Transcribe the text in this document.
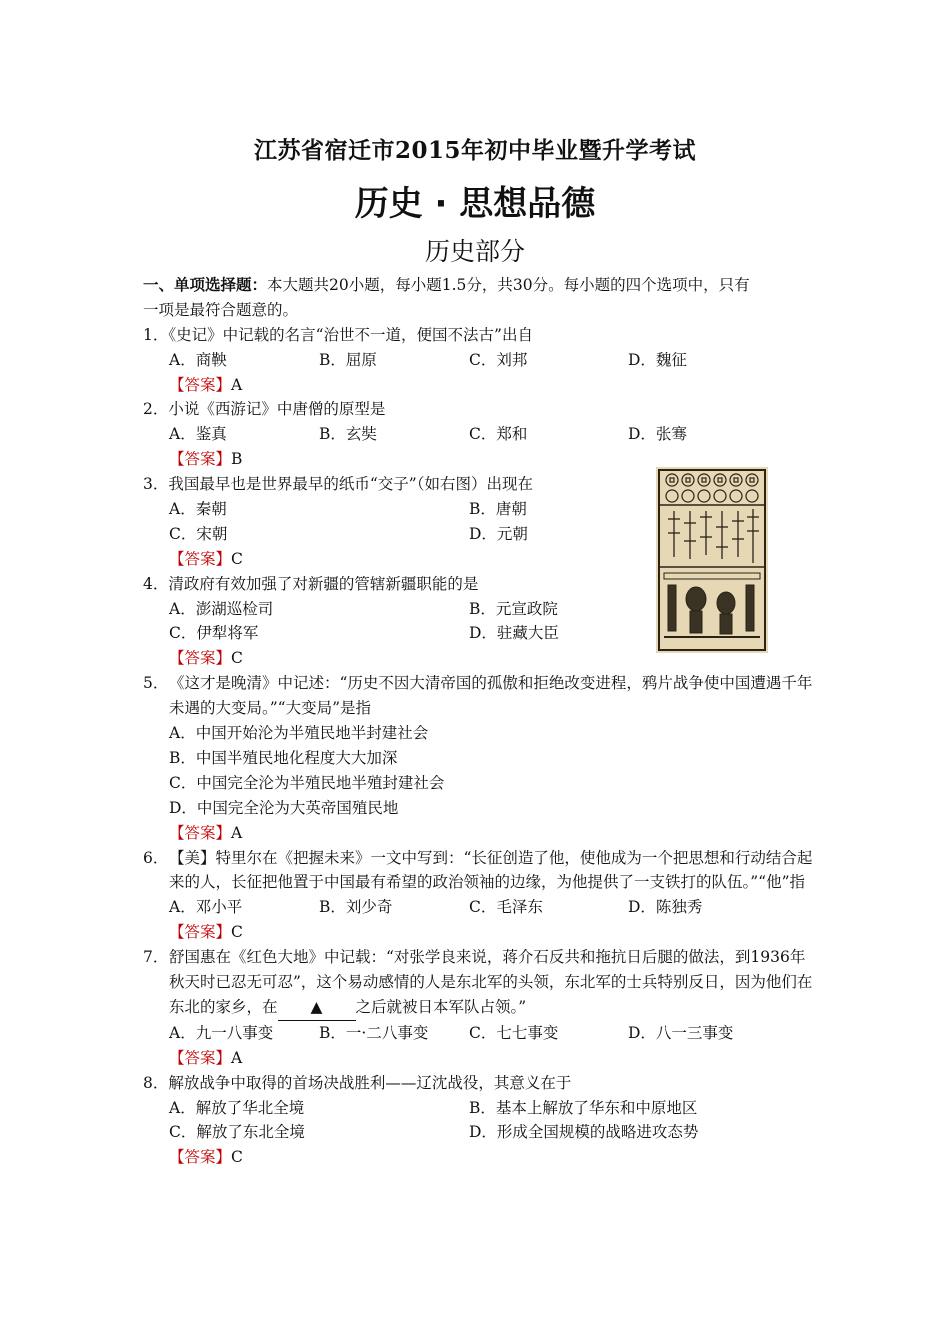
江苏省宿迁市2015年初中毕业暨升学考试
历史 · 思想品德
历史部分
一、单项选择题：本大题共20小题，每小题1.5分，共30分。每小题的四个选项中，只有
一项是最符合题意的。
1．《史记》中记载的名言“治世不一道，便国不法古”出自
A．商鞅	B．屈原	C．刘邦	D．魏征
【答案】A
2．小说《西游记》中唐僧的原型是
A．鉴真	B．玄奘	C．郑和	D．张骞
【答案】B
3．我国最早也是世界最早的纸币“交子”（如右图）出现在
A．秦朝	B．唐朝
C．宋朝	D．元朝
【答案】C
4．清政府有效加强了对新疆的管辖新疆职能的是
A．澎湖巡检司	B．元宣政院
C．伊犁将军	D．驻藏大臣
【答案】C
5． 《这才是晚清》中记述：“历史不因大清帝国的孤傲和拒绝改变进程，鸦片战争使中国遭遇千年未遇的大变局。”“大变局”是指
A．中国开始沦为半殖民地半封建社会
B．中国半殖民地化程度大大加深
C．中国完全沦为半殖民地半殖封建社会
D．中国完全沦为大英帝国殖民地
【答案】A
6． 【美】特里尔在《把握未来》一文中写到：“长征创造了他，使他成为一个把思想和行动结合起来的人，长征把他置于中国最有希望的政治领袖的边缘，为他提供了一支铁打的队伍。”“他”指
A．邓小平	B．刘少奇	C．毛泽东	D．陈独秀
【答案】C
7． 舒国惠在《红色大地》中记载：“对张学良来说，蒋介石反共和拖抗日后腿的做法，到1936年秋天时已忍无可忍”，这个易动感情的人是东北军的头领，东北军的士兵特别反日，因为他们在东北的家乡，在 ▲ 之后就被日本军队占领。”
A．九一八事变	B．一·二八事变	C．七七事变	D．八一三事变
【答案】A
8．解放战争中取得的首场决战胜利——辽沈战役，其意义在于
A．解放了华北全境	B．基本上解放了华东和中原地区
C．解放了东北全境	D．形成全国规模的战略进攻态势
【答案】C
